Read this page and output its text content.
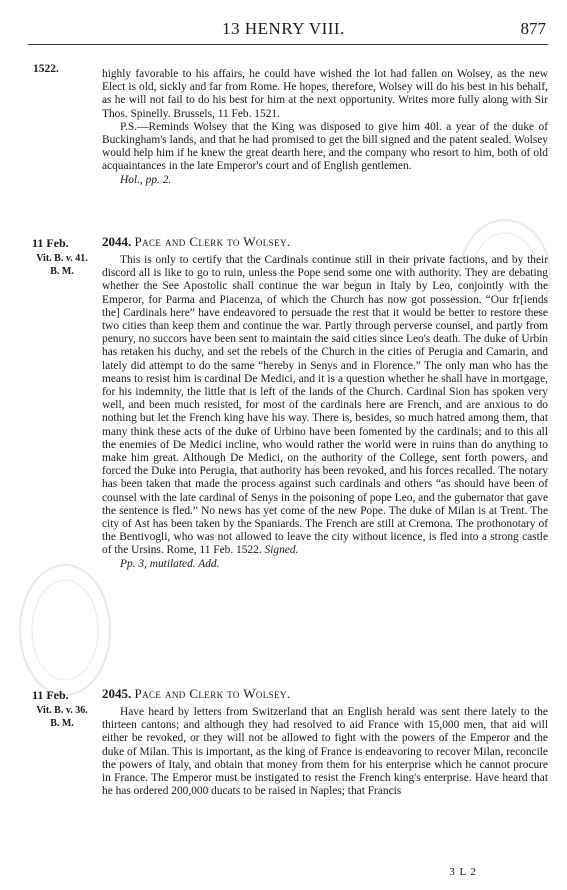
13 HENRY VIII.	877
1522.	highly favorable to his affairs, he could have wished the lot had fallen on Wolsey, as the new Elect is old, sickly and far from Rome. He hopes, therefore, Wolsey will do his best in his behalf, as he will not fail to do his best for him at the next opportunity. Writes more fully along with Sir Thos. Spinelly. Brussels, 11 Feb. 1521.

P.S.—Reminds Wolsey that the King was disposed to give him 40l. a year of the duke of Buckingham's lands, and that he had promised to get the bill signed and the patent sealed. Wolsey would help him if he knew the great dearth here, and the company who resort to him, both of old acquaintances in the late Emperor's court and of English gentlemen.

Hol., pp. 2.

11 Feb.
Vit. B. v. 41.
B. M.
2044. Pace and Clerk to Wolsey.

This is only to certify that the Cardinals continue still in their private factions, and by their discord all is like to go to ruin, unless the Pope send some one with authority. They are debating whether the See Apostolic shall continue the war begun in Italy by Leo, conjointly with the Emperor, for Parma and Piacenza, of which the Church has now got possession. “Our fr[iends the] Cardinals here” have endeavored to persuade the rest that it would be better to restore these two cities than keep them and continue the war. Partly through perverse counsel, and partly from penury, no succors have been sent to maintain the said cities since Leo's death. The duke of Urbin has retaken his duchy, and set the rebels of the Church in the cities of Perugia and Camarin, and lately did attempt to do the same “hereby in Senys and in Florence.” The only man who has the means to resist him is cardinal De Medici, and it is a question whether he shall have in mortgage, for his indemnity, the little that is left of the lands of the Church. Cardinal Sion has spoken very well, and been much resisted, for most of the cardinals here are French, and are anxious to do nothing but let the French king have his way. There is, besides, so much hatred among them, that many think these acts of the duke of Urbino have been fomented by the cardinals; and to this all the enemies of De Medici incline, who would rather the world were in ruins than do anything to make him great. Although De Medici, on the authority of the College, sent forth powers, and forced the Duke into Perugia, that authority has been revoked, and his forces recalled. The notary has been taken that made the process against such cardinals and others “as should have been of counsel with the late cardinal of Senys in the poisoning of pope Leo, and the gubernator that gave the sentence is fled.” No news has yet come of the new Pope. The duke of Milan is at Trent. The city of Ast has been taken by the Spaniards. The French are still at Cremona. The prothonotary of the Bentivogli, who was not allowed to leave the city without licence, is fled into a strong castle of the Ursins. Rome, 11 Feb. 1522. Signed.

Pp. 3, mutilated. Add.

11 Feb.
Vit. B. v. 36.
B. M.
2045. Pace and Clerk to Wolsey.

Have heard by letters from Switzerland that an English herald was sent there lately to the thirteen cantons; and although they had resolved to aid France with 15,000 men, that aid will either be revoked, or they will not be allowed to fight with the powers of the Emperor and the duke of Milan. This is important, as the king of France is endeavoring to recover Milan, reconcile the powers of Italy, and obtain that money from them for his enterprise which he cannot procure in France. The Emperor must be instigated to resist the French king's enterprise. Have heard that he has ordered 200,000 ducats to be raised in Naples; that Francis

3 L 2
